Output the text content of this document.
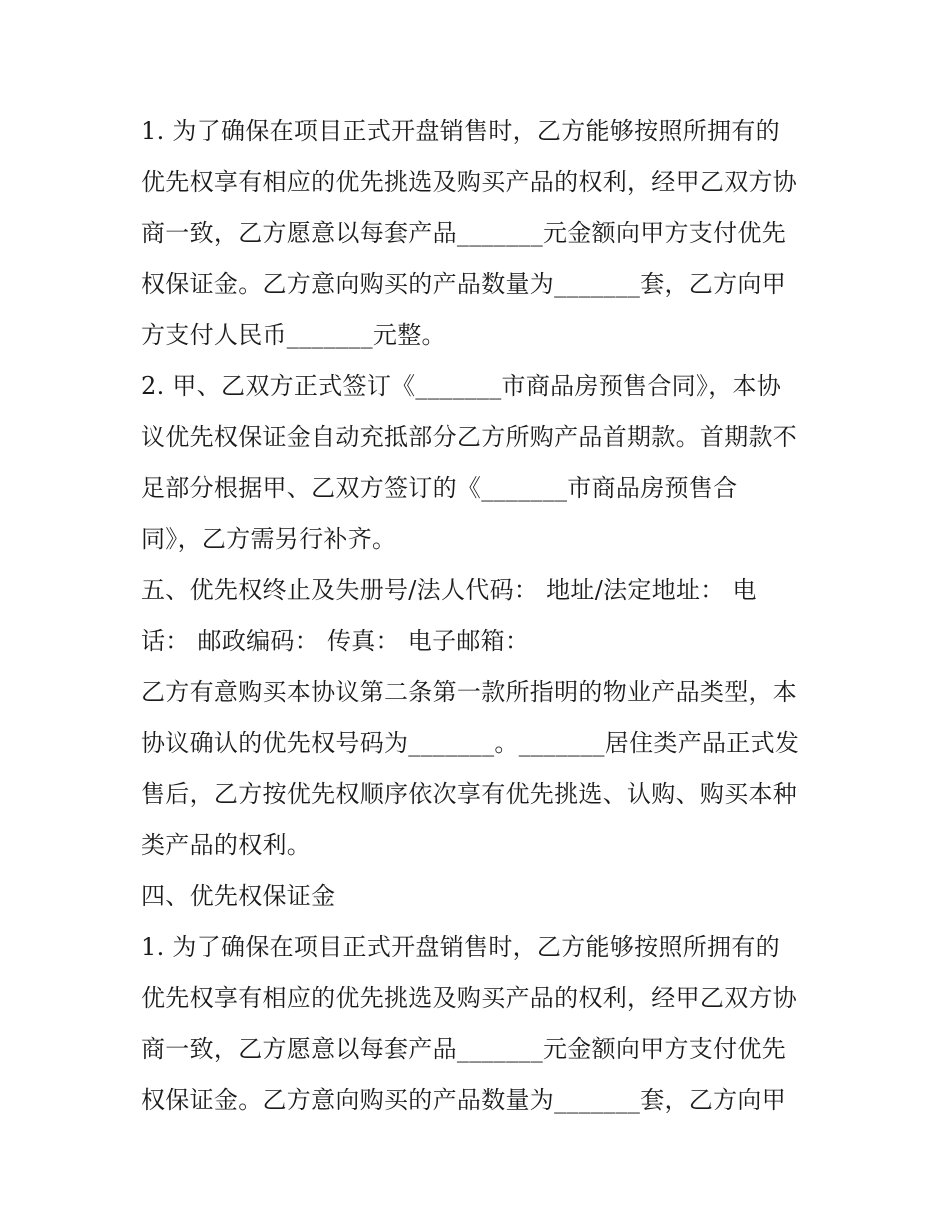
1. 为了确保在项目正式开盘销售时，乙方能够按照所拥有的
优先权享有相应的优先挑选及购买产品的权利，经甲乙双方协
商一致，乙方愿意以每套产品_______元金额向甲方支付优先
权保证金。乙方意向购买的产品数量为_______套，乙方向甲
方支付人民币_______元整。
2. 甲、乙双方正式签订《_______市商品房预售合同》，本协
议优先权保证金自动充抵部分乙方所购产品首期款。首期款不
足部分根据甲、乙双方签订的《_______市商品房预售合
同》，乙方需另行补齐。
五、优先权终止及失册号/法人代码： 地址/法定地址： 电
话： 邮政编码： 传真： 电子邮箱：
乙方有意购买本协议第二条第一款所指明的物业产品类型，本
协议确认的优先权号码为_______。_______居住类产品正式发
售后，乙方按优先权顺序依次享有优先挑选、认购、购买本种
类产品的权利。
四、优先权保证金
1. 为了确保在项目正式开盘销售时，乙方能够按照所拥有的
优先权享有相应的优先挑选及购买产品的权利，经甲乙双方协
商一致，乙方愿意以每套产品_______元金额向甲方支付优先
权保证金。乙方意向购买的产品数量为_______套，乙方向甲
